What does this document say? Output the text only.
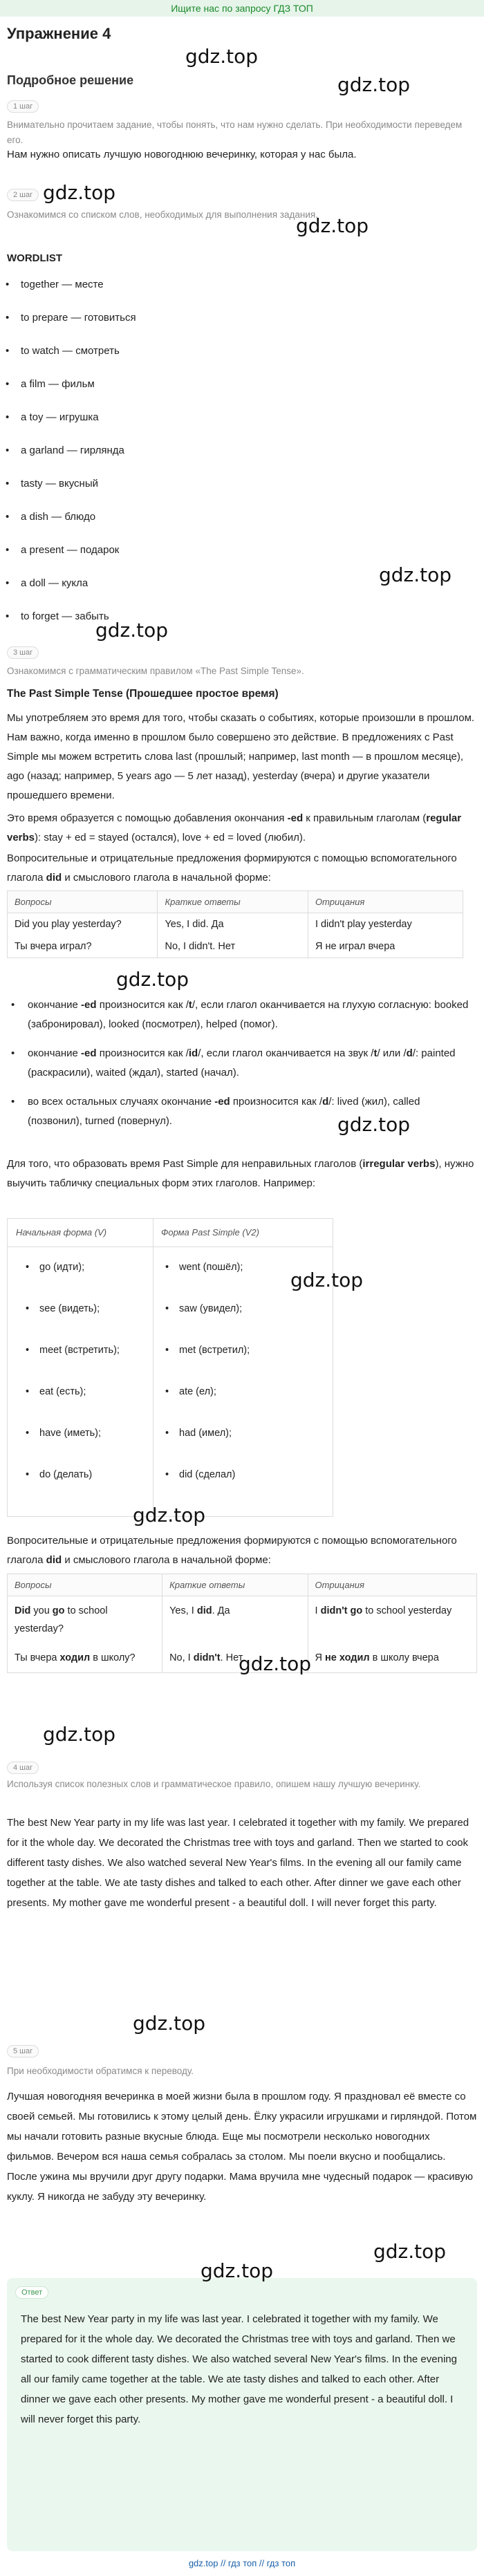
Ищите нас по запросу ГДЗ ТОП
Упражнение 4
gdz.top
Подробное решение	gdz.top
1 шаг
Внимательно прочитаем задание, чтобы понять, что нам нужно сделать. При необходимости переведем его.
Нам нужно описать лучшую новогоднюю вечеринку, которая у нас была.
2 шаг gdz.top
Ознакомимся со списком слов, необходимых для выполнения задания.
gdz.top
WORDLIST
• together — месте
• to prepare — готовиться
• to watch — смотреть
• a film — фильм
• a toy — игрушка
• a garland — гирлянда
• tasty — вкусный
• a dish — блюдо
• a present — подарок
• a doll — кукла	gdz.top
• to forget — забыть
gdz.top
3 шаг
Ознакомимся с грамматическим правилом «The Past Simple Tense».
The Past Simple Tense (Прошедшее простое время)
Мы употребляем это время для того, чтобы сказать о событиях, которые произошли в прошлом. Нам важно, когда именно в прошлом было совершено это действие. В предложениях с Past Simple мы можем встретить слова last (прошлый; например, last month — в прошлом месяце), ago (назад; например, 5 years ago — 5 лет назад), yesterday (вчера) и другие указатели прошедшего времени.
Это время образуется с помощью добавления окончания -ed к правильным глаголам (regular verbs): stay + ed = stayed (остался), love + ed = loved (любил).
Вопросительные и отрицательные предложения формируются с помощью вспомогательного глагола did и смыслового глагола в начальной форме:
Вопросы	Краткие ответы	Отрицания
Did you play yesterday?	Yes, I did. Да	I didn't play yesterday
Ты вчера играл?	No, I didn't. Нет	Я не играл вчера
gdz.top
• окончание -ed произносится как /t/, если глагол оканчивается на глухую согласную: booked (забронировал), looked (посмотрел), helped (помог).
• окончание -ed произносится как /id/, если глагол оканчивается на звук /t/ или /d/: painted (раскрасили), waited (ждал), started (начал).
• во всех остальных случаях окончание -ed произносится как /d/: lived (жил), called (позвонил), turned (повернул).	gdz.top
Для того, что образовать время Past Simple для неправильных глаголов (irregular verbs), нужно выучить табличку специальных форм этих глаголов. Например:
Начальная форма (V)	Форма Past Simple (V2)
• go (идти);	• went (пошёл);
• see (видеть);	• saw (увидел);
• meet (встретить);	• met (встретил);
• eat (есть);	• ate (ел);
• have (иметь);	• had (имел);
• do (делать)	• did (сделал)
gdz.top
gdz.top
Вопросительные и отрицательные предложения формируются с помощью вспомогательного глагола did и смыслового глагола в начальной форме:
Вопросы	Краткие ответы	Отрицания
Did you go to school yesterday?	Yes, I did. Да	I didn't go to school yesterday
Ты вчера ходил в школу?	No, I didn't. Нет	Я не ходил в школу вчера
gdz.top
gdz.top
4 шаг
Используя список полезных слов и грамматическое правило, опишем нашу лучшую вечеринку.
The best New Year party in my life was last year. I celebrated it together with my family. We prepared for it the whole day. We decorated the Christmas tree with toys and garland. Then we started to cook different tasty dishes. We also watched several New Year's films. In the evening all our family came together at the table. We ate tasty dishes and talked to each other. After dinner we gave each other presents. My mother gave me wonderful present - a beautiful doll. I will never forget this party.
gdz.top
5 шаг
При необходимости обратимся к переводу.
Лучшая новогодняя вечеринка в моей жизни была в прошлом году. Я праздновал её вместе со своей семьей. Мы готовились к этому целый день. Ёлку украсили игрушками и гирляндой. Потом мы начали готовить разные вкусные блюда. Еще мы посмотрели несколько новогодних фильмов. Вечером вся наша семья собралась за столом. Мы поели вкусно и пообщались. После ужина мы вручили друг другу подарки. Мама вручила мне чудесный подарок — красивую куклу. Я никогда не забуду эту вечеринку.
gdz.top
Ответ
The best New Year party in my life was last year. I celebrated it together with my family. We prepared for it the whole day. We decorated the Christmas tree with toys and garland. Then we started to cook different tasty dishes. We also watched several New Year's films. In the evening all our family came together at the table. We ate tasty dishes and talked to each other. After dinner we gave each other presents. My mother gave me wonderful present - a beautiful doll. I will never forget this party.
gdz.top
gdz.top // гдз топ // гдз топ
